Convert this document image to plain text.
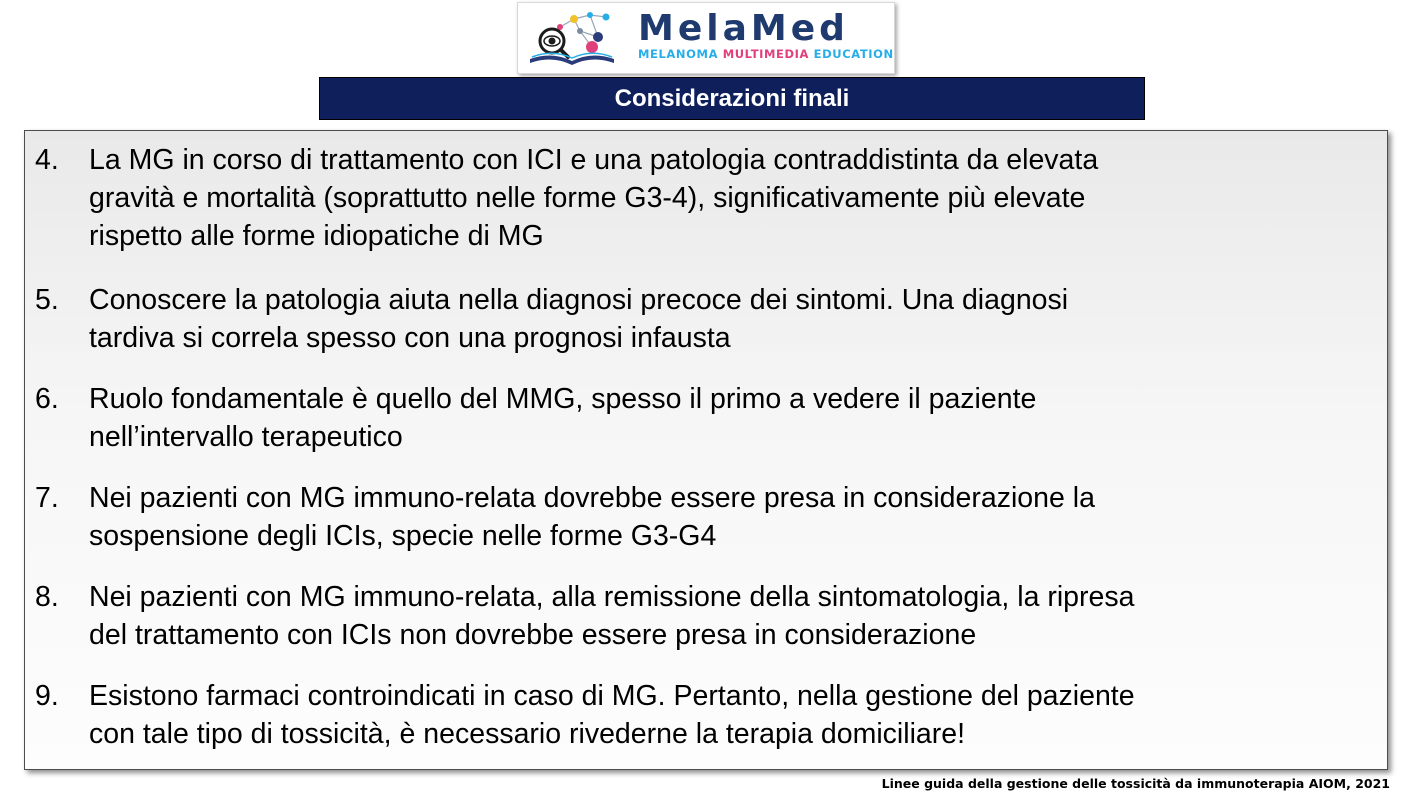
MelaMed
MELANOMA MULTIMEDIA EDUCATION
Considerazioni finali
4.	La MG in corso di trattamento con ICI e una patologia contraddistinta da elevata
gravità e mortalità (soprattutto nelle forme G3-4), significativamente più elevate
rispetto alle forme idiopatiche di MG
5.	Conoscere la patologia aiuta nella diagnosi precoce dei sintomi. Una diagnosi
tardiva si correla spesso con una prognosi infausta
6.	Ruolo fondamentale è quello del MMG, spesso il primo a vedere il paziente
nell’intervallo terapeutico
7.	Nei pazienti con MG immuno-relata dovrebbe essere presa in considerazione la
sospensione degli ICIs, specie nelle forme G3-G4
8.	Nei pazienti con MG immuno-relata, alla remissione della sintomatologia, la ripresa
del trattamento con ICIs non dovrebbe essere presa in considerazione
9.	Esistono farmaci controindicati in caso di MG. Pertanto, nella gestione del paziente
con tale tipo di tossicità, è necessario rivederne la terapia domiciliare!
Linee guida della gestione delle tossicità da immunoterapia AIOM, 2021
